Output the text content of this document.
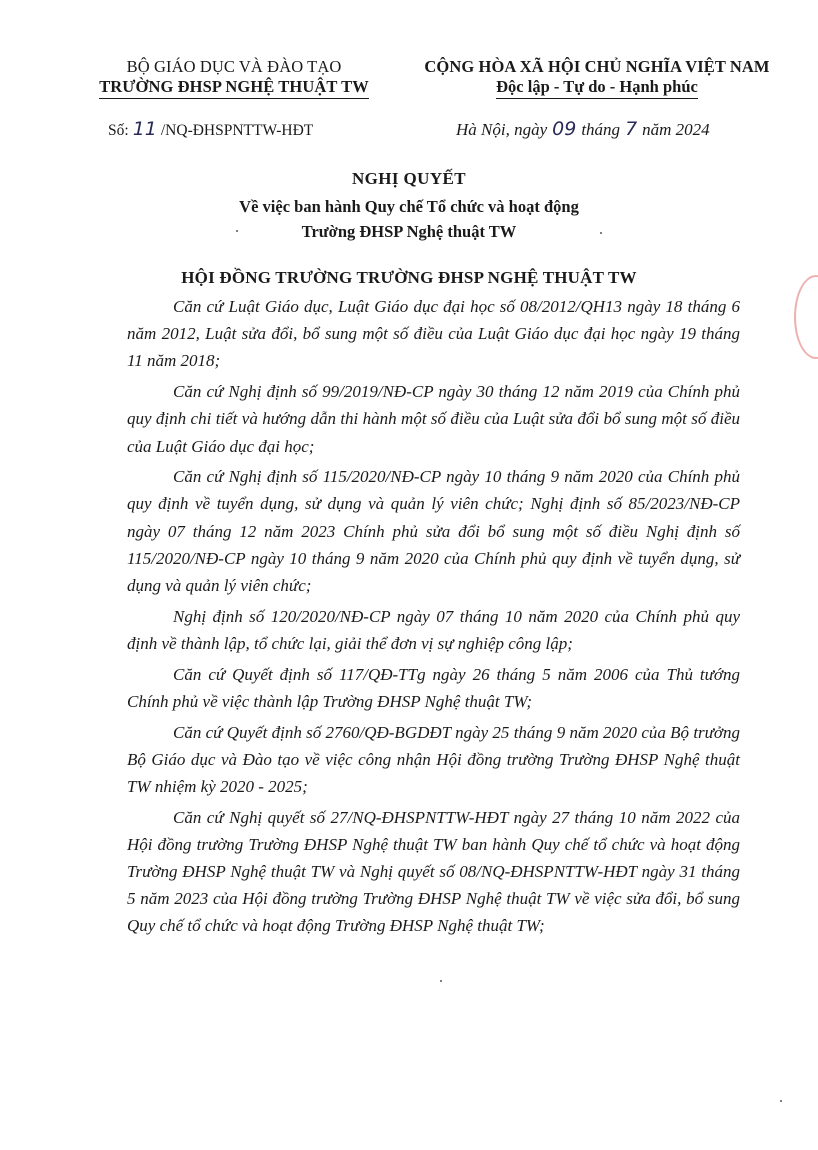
BỘ GIÁO DỤC VÀ ĐÀO TẠO
TRƯỜNG ĐHSP NGHỆ THUẬT TW
CỘNG HÒA XÃ HỘI CHỦ NGHĨA VIỆT NAM
Độc lập - Tự do - Hạnh phúc
Số: 11 /NQ-ĐHSPNTTW-HĐT	Hà Nội, ngày 09 tháng 7 năm 2024
NGHỊ QUYẾT
Về việc ban hành Quy chế Tổ chức và hoạt động
Trường ĐHSP Nghệ thuật TW
HỘI ĐỒNG TRƯỜNG TRƯỜNG ĐHSP NGHỆ THUẬT TW

Căn cứ Luật Giáo dục, Luật Giáo dục đại học số 08/2012/QH13 ngày 18 tháng 6 năm 2012, Luật sửa đổi, bổ sung một số điều của Luật Giáo dục đại học ngày 19 tháng 11 năm 2018;

Căn cứ Nghị định số 99/2019/NĐ-CP ngày 30 tháng 12 năm 2019 của Chính phủ quy định chi tiết và hướng dẫn thi hành một số điều của Luật sửa đổi bổ sung một số điều của Luật Giáo dục đại học;

Căn cứ Nghị định số 115/2020/NĐ-CP ngày 10 tháng 9 năm 2020 của Chính phủ quy định về tuyển dụng, sử dụng và quản lý viên chức; Nghị định số 85/2023/NĐ-CP ngày 07 tháng 12 năm 2023 Chính phủ sửa đổi bổ sung một số điều Nghị định số 115/2020/NĐ-CP ngày 10 tháng 9 năm 2020 của Chính phủ quy định về tuyển dụng, sử dụng và quản lý viên chức;

Nghị định số 120/2020/NĐ-CP ngày 07 tháng 10 năm 2020 của Chính phủ quy định về thành lập, tổ chức lại, giải thể đơn vị sự nghiệp công lập;

Căn cứ Quyết định số 117/QĐ-TTg ngày 26 tháng 5 năm 2006 của Thủ tướng Chính phủ về việc thành lập Trường ĐHSP Nghệ thuật TW;

Căn cứ Quyết định số 2760/QĐ-BGDĐT ngày 25 tháng 9 năm 2020 của Bộ trưởng Bộ Giáo dục và Đào tạo về việc công nhận Hội đồng trường Trường ĐHSP Nghệ thuật TW nhiệm kỳ 2020 - 2025;

Căn cứ Nghị quyết số 27/NQ-ĐHSPNTTW-HĐT ngày 27 tháng 10 năm 2022 của Hội đồng trường Trường ĐHSP Nghệ thuật TW ban hành Quy chế tổ chức và hoạt động Trường ĐHSP Nghệ thuật TW và Nghị quyết số 08/NQ-ĐHSPNTTW-HĐT ngày 31 tháng 5 năm 2023 của Hội đồng trường Trường ĐHSP Nghệ thuật TW về việc sửa đổi, bổ sung Quy chế tổ chức và hoạt động Trường ĐHSP Nghệ thuật TW;
